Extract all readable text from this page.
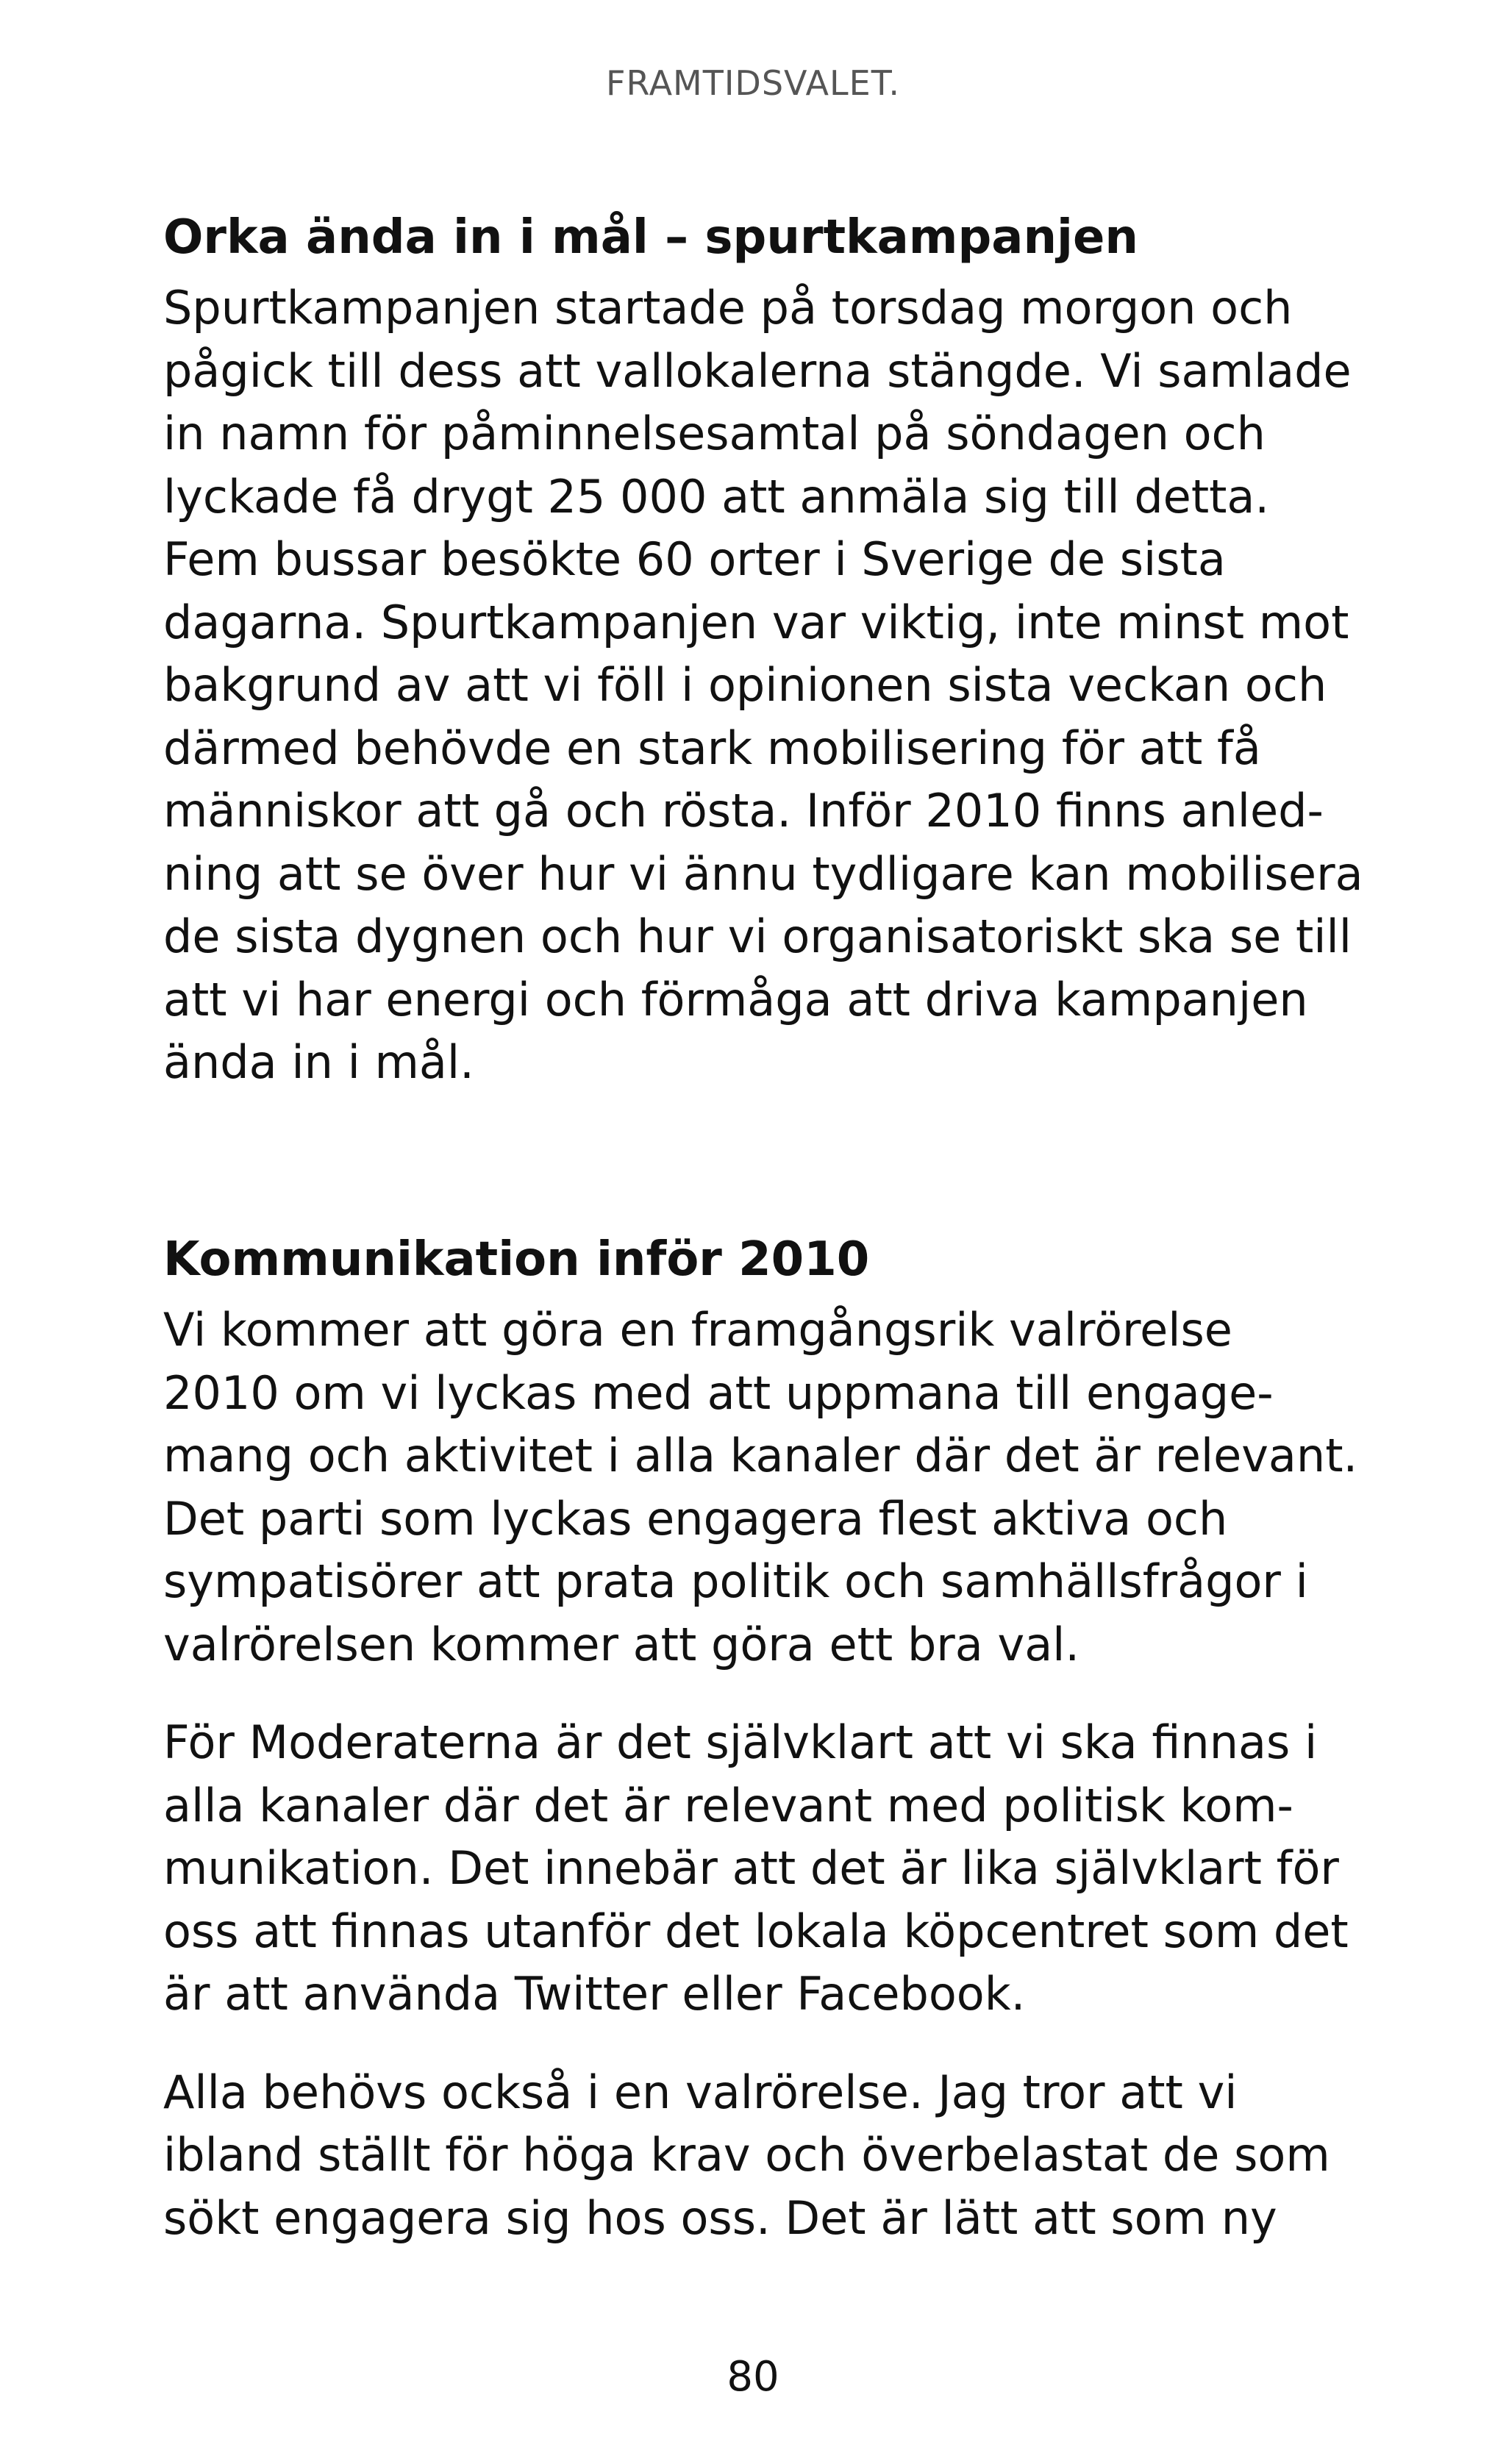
FRAMTIDSVALET.
Orka ända in i mål – spurtkampanjen
Spurtkampanjen startade på torsdag morgon och
pågick till dess att vallokalerna stängde. Vi samlade
in namn för påminnelsesamtal på söndagen och
lyckade få drygt 25 000 att anmäla sig till detta.
Fem bussar besökte 60 orter i Sverige de sista
dagarna. Spurtkampanjen var viktig, inte minst mot
bakgrund av att vi föll i opinionen sista veckan och
därmed behövde en stark mobilisering för att få
människor att gå och rösta. Inför 2010 finns anled-
ning att se över hur vi ännu tydligare kan mobilisera
de sista dygnen och hur vi organisatoriskt ska se till
att vi har energi och förmåga att driva kampanjen
ända in i mål.
Kommunikation inför 2010
Vi kommer att göra en framgångsrik valrörelse
2010 om vi lyckas med att uppmana till engage-
mang och aktivitet i alla kanaler där det är relevant.
Det parti som lyckas engagera flest aktiva och
sympatisörer att prata politik och samhällsfrågor i
valrörelsen kommer att göra ett bra val.
För Moderaterna är det självklart att vi ska finnas i
alla kanaler där det är relevant med politisk kom-
munikation. Det innebär att det är lika självklart för
oss att finnas utanför det lokala köpcentret som det
är att använda Twitter eller Facebook.
Alla behövs också i en valrörelse. Jag tror att vi
ibland ställt för höga krav och överbelastat de som
sökt engagera sig hos oss. Det är lätt att som ny
80
